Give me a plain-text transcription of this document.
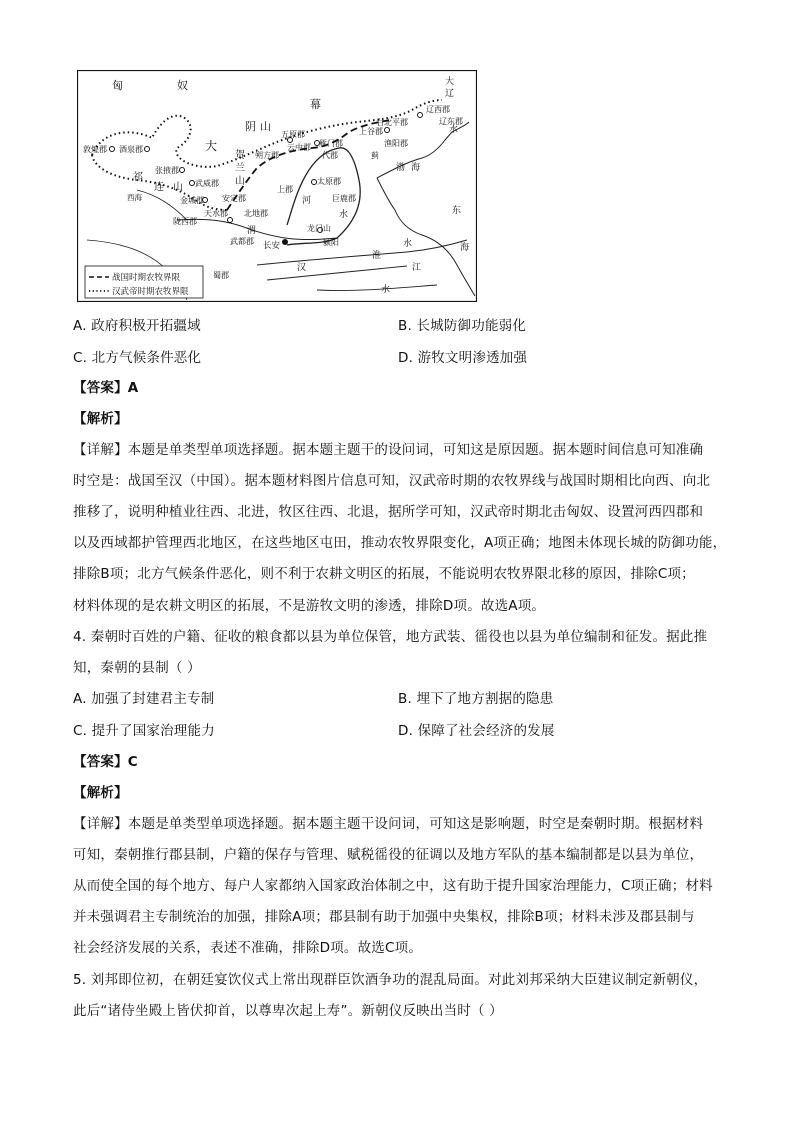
匈	奴
幕
阴 山
大
贺
兰
山
祁
连 山
大
辽
水
渤 海
东
海
敦煌郡 酒泉郡
张掖郡
西海
武威郡
金城郡
陇西郡
天水郡
安定郡
北地郡
朔方郡
五原郡
云中郡 雁门郡
代郡
上谷郡
渔阳郡
右北平郡
辽西郡
辽东郡
蓟
上郡
太原郡
巨鹿郡
龙门山
长安	颍阳
武都郡
蜀郡
河
渭
水
水
水
淮
江
汉
战国时期农牧界限
汉武帝时期农牧界限
A. 政府积极开拓疆域	B. 长城防御功能弱化
C. 北方气候条件恶化	D. 游牧文明渗透加强
【答案】A
【解析】
【详解】本题是单类型单项选择题。据本题主题干的设问词，可知这是原因题。据本题时间信息可知准确
时空是：战国至汉（中国）。据本题材料图片信息可知，汉武帝时期的农牧界线与战国时期相比向西、向北
推移了，说明种植业往西、北进，牧区往西、北退，据所学可知，汉武帝时期北击匈奴、设置河西四郡和
以及西域都护管理西北地区，在这些地区屯田，推动农牧界限变化，A项正确；地图未体现长城的防御功能，
排除B项；北方气候条件恶化，则不利于农耕文明区的拓展，不能说明农牧界限北移的原因，排除C项；
材料体现的是农耕文明区的拓展，不是游牧文明的渗透，排除D项。故选A项。
4. 秦朝时百姓的户籍、征收的粮食都以县为单位保管，地方武装、徭役也以县为单位编制和征发。据此推
知，秦朝的县制（ ）
A. 加强了封建君主专制	B. 埋下了地方割据的隐患
C. 提升了国家治理能力	D. 保障了社会经济的发展
【答案】C
【解析】
【详解】本题是单类型单项选择题。据本题主题干设问词，可知这是影响题，时空是秦朝时期。根据材料
可知，秦朝推行郡县制，户籍的保存与管理、赋税徭役的征调以及地方军队的基本编制都是以县为单位，
从而使全国的每个地方、每户人家都纳入国家政治体制之中，这有助于提升国家治理能力，C项正确；材料
并未强调君主专制统治的加强，排除A项；郡县制有助于加强中央集权，排除B项；材料未涉及郡县制与
社会经济发展的关系，表述不准确，排除D项。故选C项。
5. 刘邦即位初，在朝廷宴饮仪式上常出现群臣饮酒争功的混乱局面。对此刘邦采纳大臣建议制定新朝仪，
此后“诸侍坐殿上皆伏抑首，以尊卑次起上寿”。新朝仪反映出当时（ ）
